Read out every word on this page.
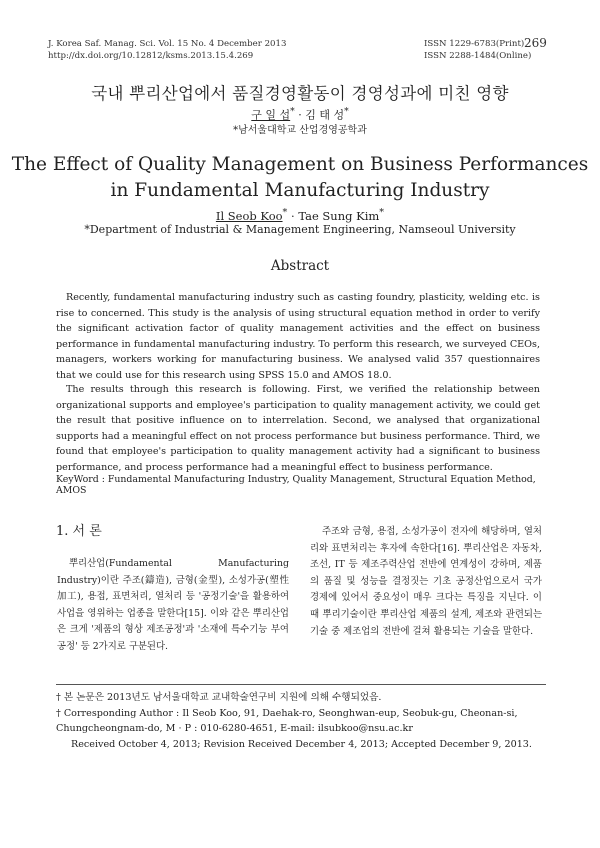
J. Korea Saf. Manag. Sci. Vol. 15 No. 4 December 2013
http://dx.doi.org/10.12812/ksms.2013.15.4.269
ISSN 1229-6783(Print)
ISSN 2288-1484(Online)
269
국내 뿌리산업에서 품질경영활동이 경영성과에 미친 영향
구 일 섭* · 김 태 성*
*남서울대학교 산업경영공학과
The Effect of Quality Management on Business Performances
in Fundamental Manufacturing Industry
Il Seob Koo* · Tae Sung Kim*
*Department of Industrial & Management Engineering, Namseoul University
Abstract

Recently, fundamental manufacturing industry such as casting foundry, plasticity, welding etc. is rise to concerned. This study is the analysis of using structural equation method in order to verify the significant activation factor of quality management activities and the effect on business performance in fundamental manufacturing industry. To perform this research, we surveyed CEOs, managers, workers working for manufacturing business. We analysed valid 357 questionnaires that we could use for this research using SPSS 15.0 and AMOS 18.0.

The results through this research is following. First, we verified the relationship between organizational supports and employee's participation to quality management activity, we could get the result that positive influence on to interrelation. Second, we analysed that organizational supports had a meaningful effect on not process performance but business performance. Third, we found that employee's participation to quality management activity had a significant to business performance, and process performance had a meaningful effect to business performance.

KeyWord : Fundamental Manufacturing Industry, Quality Management, Structural Equation Method, AMOS

1. 서 론

뿌리산업(Fundamental Manufacturing Industry)이란 주조(鑄造), 금형(金型), 소성가공(塑性加工), 용접, 표면처리, 열처리 등 '공정기술'을 활용하여 사업을 영위하는 업종을 말한다[15]. 이와 같은 뿌리산업은 크게 '제품의 형상 제조공정'과 '소재에 특수기능 부여공정' 등 2가지로 구분된다.

주조와 금형, 용접, 소성가공이 전자에 해당하며, 열처리와 표면처리는 후자에 속한다[16]. 뿌리산업은 자동차, 조선, IT 등 제조주력산업 전반에 연계성이 강하며, 제품의 품질 및 성능을 결정짓는 기초 공정산업으로서 국가 경제에 있어서 중요성이 매우 크다는 특징을 지닌다. 이 때 뿌리기술이란 뿌리산업 제품의 설계, 제조와 관련되는 기술 중 제조업의 전반에 걸쳐 활용되는 기술을 말한다.

† 본 논문은 2013년도 남서울대학교 교내학술연구비 지원에 의해 수행되었음.

† Corresponding Author : Il Seob Koo, 91, Daehak-ro, Seonghwan-eup, Seobuk-gu, Cheonan-si, Chungcheongnam-do, M · P : 010-6280-4651, E-mail: ilsubkoo@nsu.ac.kr

Received October 4, 2013; Revision Received December 4, 2013; Accepted December 9, 2013.
